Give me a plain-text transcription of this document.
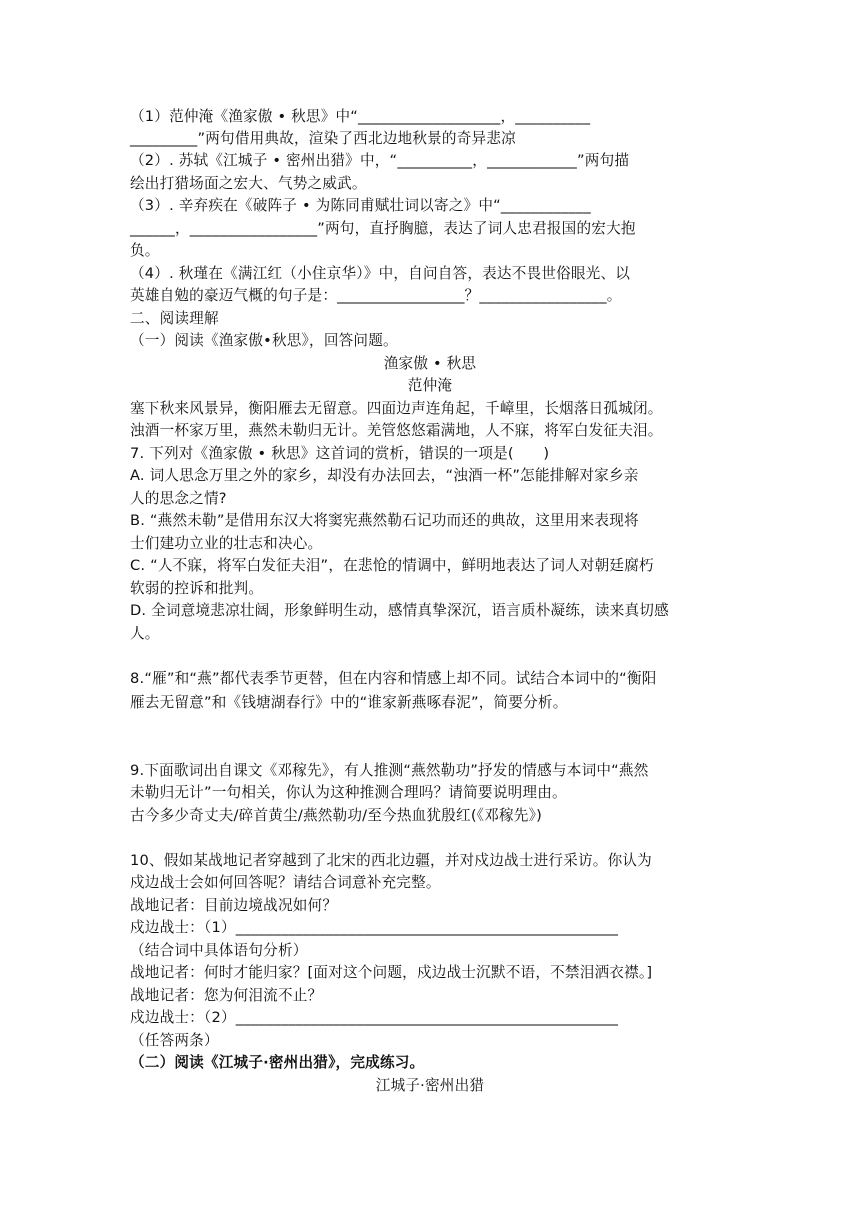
（1）范仲淹《渔家傲 • 秋思》中“___________________，__________
_________”两句借用典故，渲染了西北边地秋景的奇异悲凉
（2）. 苏轼《江城子 • 密州出猎》中，“__________，____________”两句描
绘出打猎场面之宏大、气势之威武。
（3）. 辛弃疾在《破阵子 • 为陈同甫赋壮词以寄之》中“____________
______，_________________”两句，直抒胸臆，表达了词人忠君报国的宏大抱
负。
（4）. 秋瑾在《满江红（小住京华）》中，自问自答，表达不畏世俗眼光、以
英雄自勉的豪迈气概的句子是：_________________？_________________。
二、阅读理解
（一）阅读《渔家傲•秋思》，回答问题。
渔家傲 • 秋思
范仲淹
塞下秋来风景异，衡阳雁去无留意。四面边声连角起，千嶂里，长烟落日孤城闭。
浊酒一杯家万里，燕然未勒归无计。羌管悠悠霜满地，人不寐，将军白发征夫泪。
7. 下列对《渔家傲 • 秋思》这首词的赏析，错误的一项是(　　)
A. 词人思念万里之外的家乡，却没有办法回去，“浊酒一杯”怎能排解对家乡亲
人的思念之情?
B. “燕然未勒”是借用东汉大将窦宪燕然勒石记功而还的典故，这里用来表现将
士们建功立业的壮志和决心。
C. “人不寐，将军白发征夫泪”，在悲怆的情调中，鲜明地表达了词人对朝廷腐朽
软弱的控诉和批判。
D. 全词意境悲凉壮阔，形象鲜明生动，感情真挚深沉，语言质朴凝练，读来真切感
人。
8.“雁”和“燕”都代表季节更替，但在内容和情感上却不同。试结合本词中的“衡阳
雁去无留意”和《钱塘湖春行》中的“谁家新燕啄春泥”，简要分析。
9.下面歌词出自课文《邓稼先》，有人推测“燕然勒功”抒发的情感与本词中“燕然
未勒归无计”一句相关，你认为这种推测合理吗？请简要说明理由。
古今多少奇丈夫/碎首黄尘/燕然勒功/至今热血犹殷红(《邓稼先》)
10、假如某战地记者穿越到了北宋的西北边疆，并对戍边战士进行采访。你认为
戍边战士会如何回答呢？请结合词意补充完整。
战地记者：目前边境战况如何？
戍边战士：（1）___________________________________________________
（结合词中具体语句分析）
战地记者：何时才能归家？[面对这个问题，戍边战士沉默不语，不禁泪洒衣襟。]
战地记者：您为何泪流不止？
戍边战士：（2）___________________________________________________
（任答两条）
（二）阅读《江城子·密州出猎》，完成练习。
江城子·密州出猎
